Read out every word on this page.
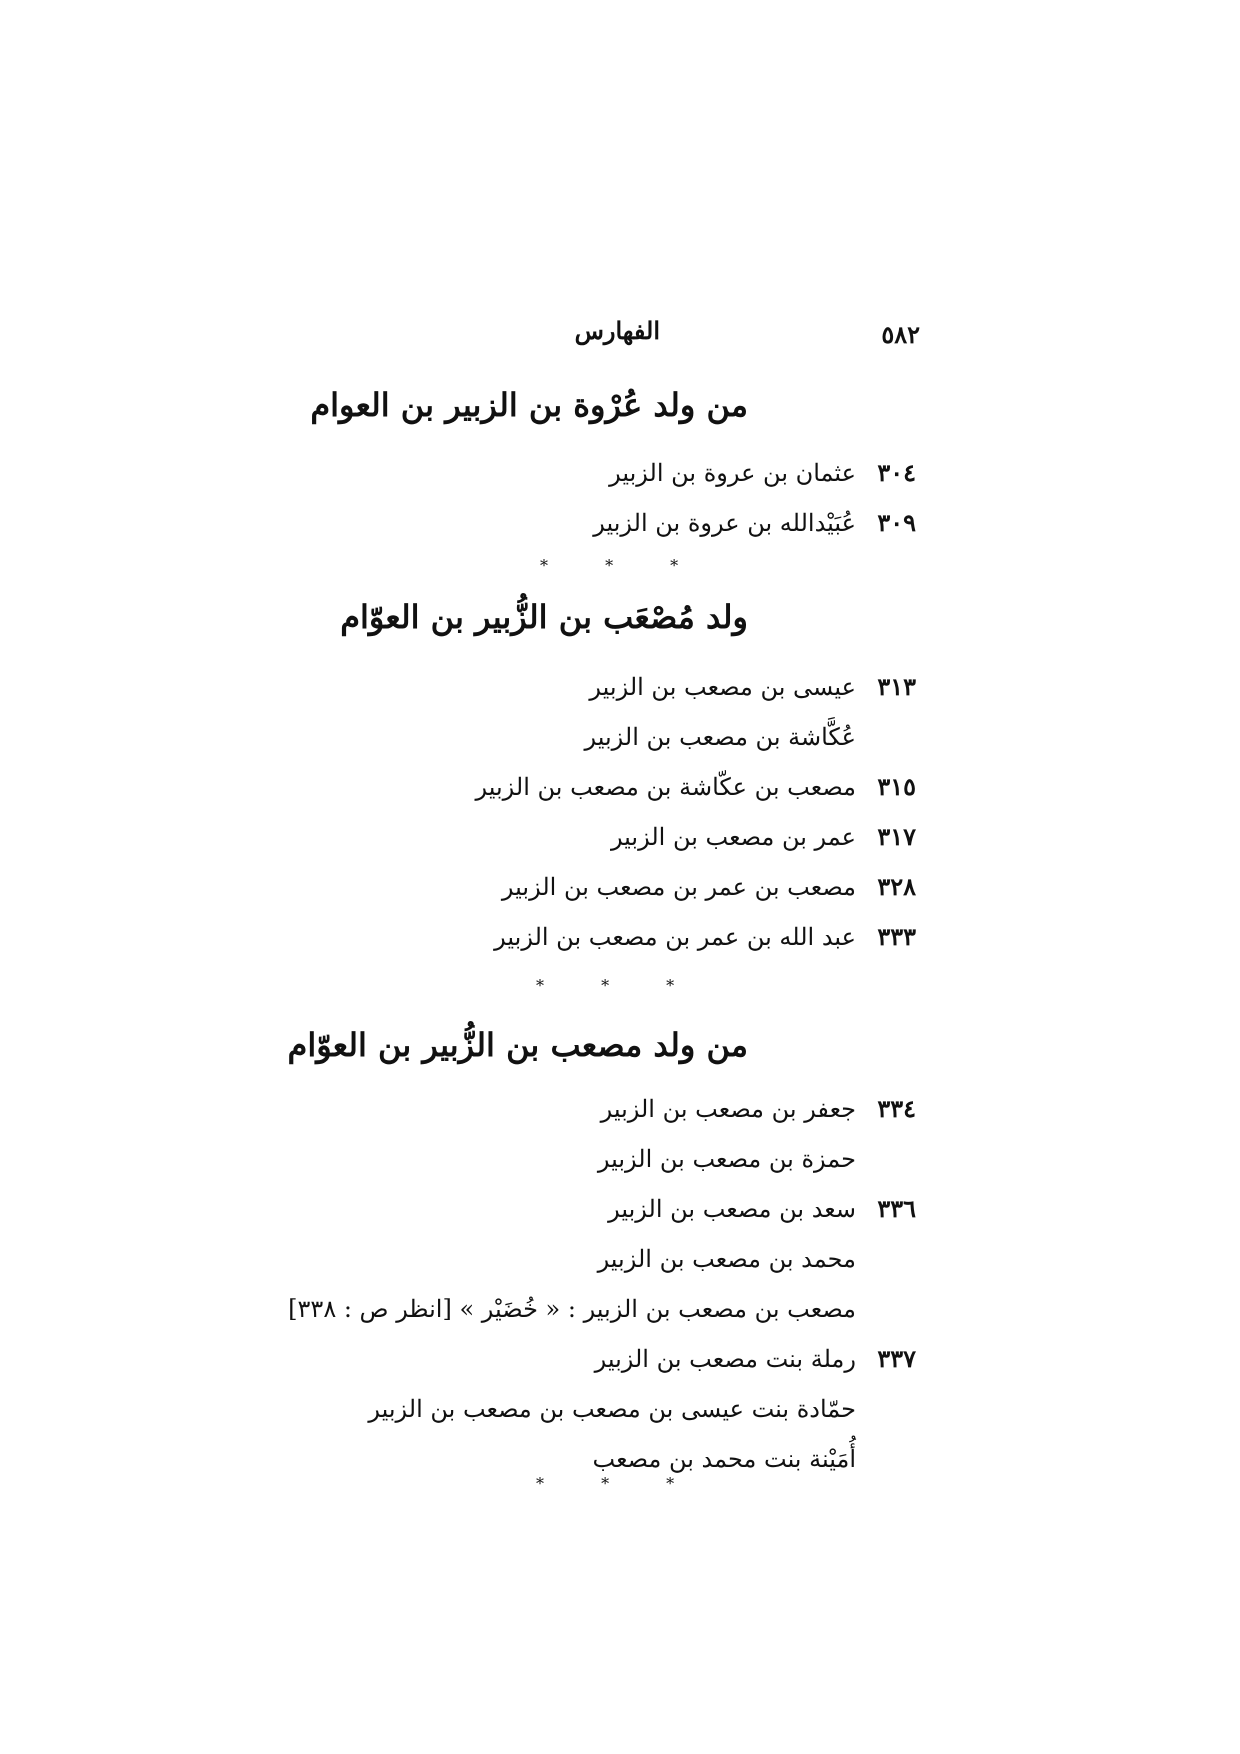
٥٨٢
الفهارس
من ولد عُرْوة بن الزبير بن العوام
٣٠٤عثمان بن عروة بن الزبير
٣٠٩عُبَيْدالله بن عروة بن الزبير
* * *
ولد مُصْعَب بن الزُّبير بن العوّام
٣١٣عيسى بن مصعب بن الزبير
عُكَّاشة بن مصعب بن الزبير
٣١٥مصعب بن عكّاشة بن مصعب بن الزبير
٣١٧عمر بن مصعب بن الزبير
٣٢٨مصعب بن عمر بن مصعب بن الزبير
٣٣٣عبد الله بن عمر بن مصعب بن الزبير
* * *
من ولد مصعب بن الزُّبير بن العوّام
٣٣٤جعفر بن مصعب بن الزبير
حمزة بن مصعب بن الزبير
٣٣٦سعد بن مصعب بن الزبير
محمد بن مصعب بن الزبير
مصعب بن مصعب بن الزبير : « خُضَيْر » [انظر ص : ٣٣٨]
٣٣٧رملة بنت مصعب بن الزبير
حمّادة بنت عيسى بن مصعب بن مصعب بن الزبير
أُمَيْنة بنت محمد بن مصعب
* * *
